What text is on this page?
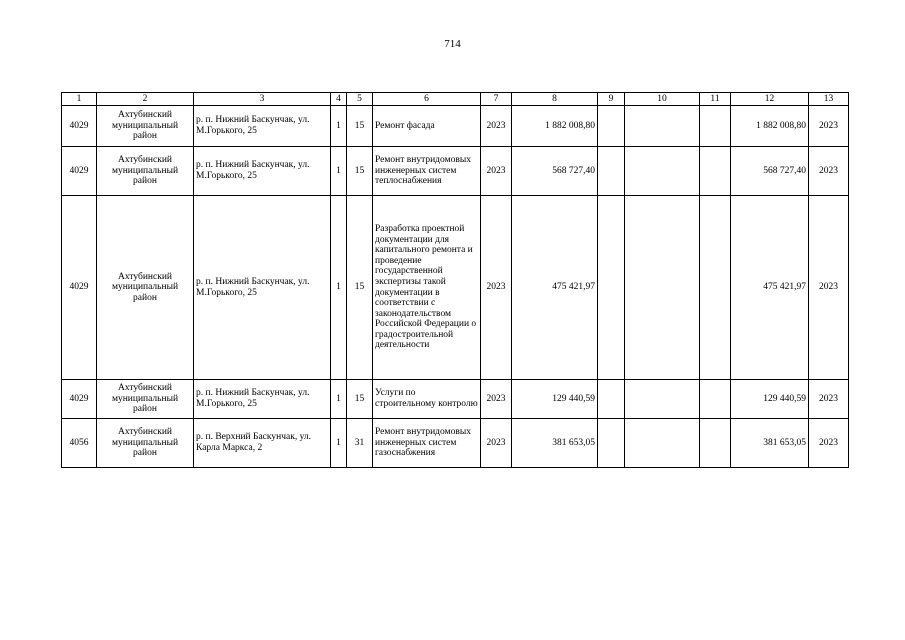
714
1	2	3	4	5	6	7	8	9	10	11	12	13
4029	Ахтубинский муниципальный район	р. п. Нижний Баскунчак, ул. М.Горького, 25	1	15	Ремонт фасада	2023	1 882 008,80				1 882 008,80	2023
4029	Ахтубинский муниципальный район	р. п. Нижний Баскунчак, ул. М.Горького, 25	1	15	Ремонт внутридомовых инженерных систем теплоснабжения	2023	568 727,40				568 727,40	2023
4029	Ахтубинский муниципальный район	р. п. Нижний Баскунчак, ул. М.Горького, 25	1	15	Разработка проектной документации для капитального ремонта и проведение государственной экспертизы такой документации в соответствии с законодательством Российской Федерации о градостроительной деятельности	2023	475 421,97				475 421,97	2023
4029	Ахтубинский муниципальный район	р. п. Нижний Баскунчак, ул. М.Горького, 25	1	15	Услуги по строительному контролю	2023	129 440,59				129 440,59	2023
4056	Ахтубинский муниципальный район	р. п. Верхний Баскунчак, ул. Карла Маркса, 2	1	31	Ремонт внутридомовых инженерных систем газоснабжения	2023	381 653,05				381 653,05	2023
